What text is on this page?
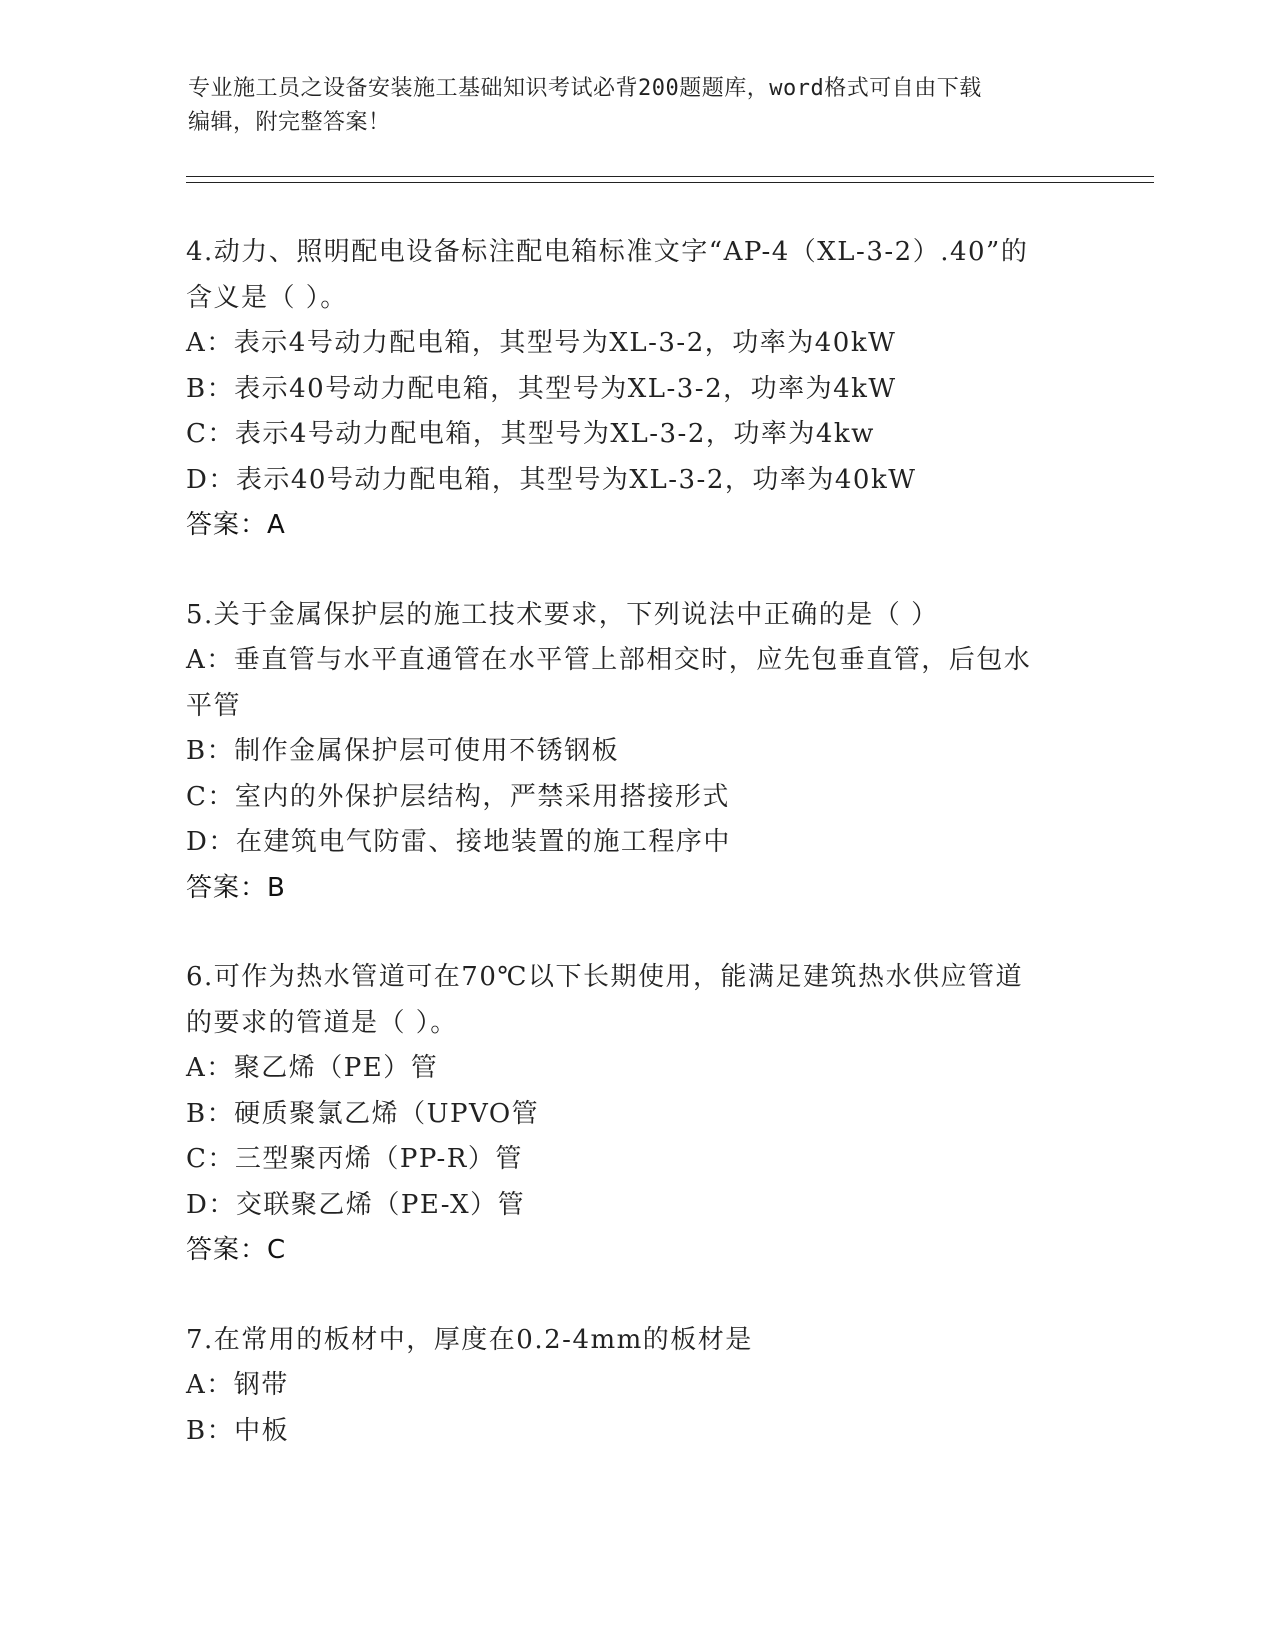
专业施工员之设备安装施工基础知识考试必背200题题库，word格式可自由下载
编辑，附完整答案！
4.动力、照明配电设备标注配电箱标准文字“AP-4（XL-3-2）.40”的
含义是（ ）。
A：表示4号动力配电箱，其型号为XL-3-2，功率为40kW
B：表示40号动力配电箱，其型号为XL-3-2，功率为4kW
C：表示4号动力配电箱，其型号为XL-3-2，功率为4kw
D：表示40号动力配电箱，其型号为XL-3-2，功率为40kW
答案：A
5.关于金属保护层的施工技术要求，下列说法中正确的是（ ）
A：垂直管与水平直通管在水平管上部相交时，应先包垂直管，后包水
平管
B：制作金属保护层可使用不锈钢板
C：室内的外保护层结构，严禁采用搭接形式
D：在建筑电气防雷、接地装置的施工程序中
答案：B
6.可作为热水管道可在70℃以下长期使用，能满足建筑热水供应管道
的要求的管道是（ ）。
A：聚乙烯（PE）管
B：硬质聚氯乙烯（UPVO管
C：三型聚丙烯（PP-R）管
D：交联聚乙烯（PE-X）管
答案：C
7.在常用的板材中，厚度在0.2-4mm的板材是
A：钢带
B：中板
